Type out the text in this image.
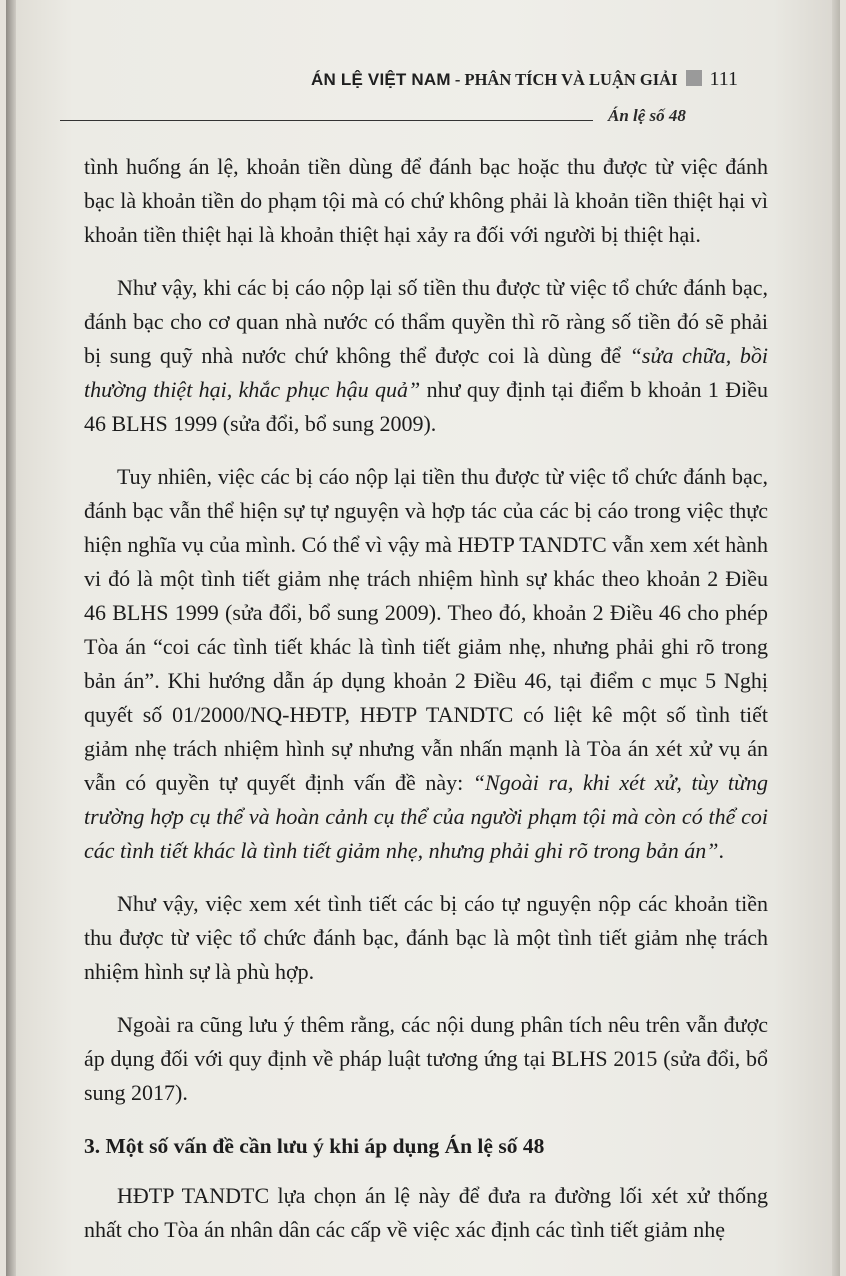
ÁN LỆ VIỆT NAM - PHÂN TÍCH VÀ LUẬN GIẢI 111
Án lệ số 48

tình huống án lệ, khoản tiền dùng để đánh bạc hoặc thu được từ việc đánh bạc là khoản tiền do phạm tội mà có chứ không phải là khoản tiền thiệt hại vì khoản tiền thiệt hại là khoản thiệt hại xảy ra đối với người bị thiệt hại.

Như vậy, khi các bị cáo nộp lại số tiền thu được từ việc tổ chức đánh bạc, đánh bạc cho cơ quan nhà nước có thẩm quyền thì rõ ràng số tiền đó sẽ phải bị sung quỹ nhà nước chứ không thể được coi là dùng để “sửa chữa, bồi thường thiệt hại, khắc phục hậu quả” như quy định tại điểm b khoản 1 Điều 46 BLHS 1999 (sửa đổi, bổ sung 2009).

Tuy nhiên, việc các bị cáo nộp lại tiền thu được từ việc tổ chức đánh bạc, đánh bạc vẫn thể hiện sự tự nguyện và hợp tác của các bị cáo trong việc thực hiện nghĩa vụ của mình. Có thể vì vậy mà HĐTP TANDTC vẫn xem xét hành vi đó là một tình tiết giảm nhẹ trách nhiệm hình sự khác theo khoản 2 Điều 46 BLHS 1999 (sửa đổi, bổ sung 2009). Theo đó, khoản 2 Điều 46 cho phép Tòa án “coi các tình tiết khác là tình tiết giảm nhẹ, nhưng phải ghi rõ trong bản án”. Khi hướng dẫn áp dụng khoản 2 Điều 46, tại điểm c mục 5 Nghị quyết số 01/2000/NQ-HĐTP, HĐTP TANDTC có liệt kê một số tình tiết giảm nhẹ trách nhiệm hình sự nhưng vẫn nhấn mạnh là Tòa án xét xử vụ án vẫn có quyền tự quyết định vấn đề này: “Ngoài ra, khi xét xử, tùy từng trường hợp cụ thể và hoàn cảnh cụ thể của người phạm tội mà còn có thể coi các tình tiết khác là tình tiết giảm nhẹ, nhưng phải ghi rõ trong bản án”.

Như vậy, việc xem xét tình tiết các bị cáo tự nguyện nộp các khoản tiền thu được từ việc tổ chức đánh bạc, đánh bạc là một tình tiết giảm nhẹ trách nhiệm hình sự là phù hợp.

Ngoài ra cũng lưu ý thêm rằng, các nội dung phân tích nêu trên vẫn được áp dụng đối với quy định về pháp luật tương ứng tại BLHS 2015 (sửa đổi, bổ sung 2017).

3. Một số vấn đề cần lưu ý khi áp dụng Án lệ số 48

HĐTP TANDTC lựa chọn án lệ này để đưa ra đường lối xét xử thống nhất cho Tòa án nhân dân các cấp về việc xác định các tình tiết giảm nhẹ
